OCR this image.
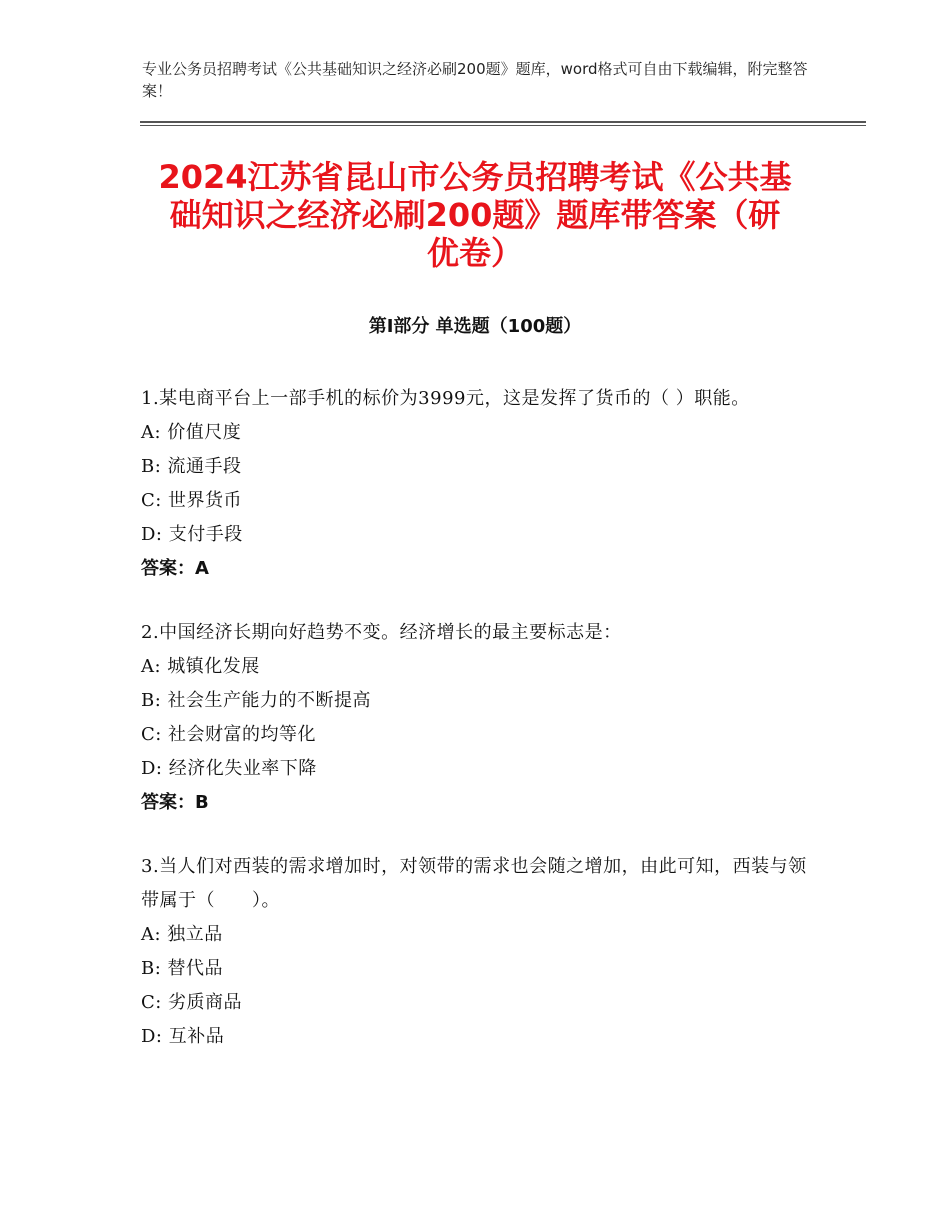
专业公务员招聘考试《公共基础知识之经济必刷200题》题库，word格式可自由下载编辑，附完整答案！
2024江苏省昆山市公务员招聘考试《公共基
础知识之经济必刷200题》题库带答案（研
优卷）
第I部分 单选题（100题）

1.某电商平台上一部手机的标价为3999元，这是发挥了货币的（ ）职能。

A: 价值尺度

B: 流通手段

C: 世界货币

D: 支付手段

答案：A

2.中国经济长期向好趋势不变。经济增长的最主要标志是：

A: 城镇化发展

B: 社会生产能力的不断提高

C: 社会财富的均等化

D: 经济化失业率下降

答案：B

3.当人们对西装的需求增加时，对领带的需求也会随之增加，由此可知，西装与领带属于（　　）。

A: 独立品

B: 替代品

C: 劣质商品

D: 互补品
